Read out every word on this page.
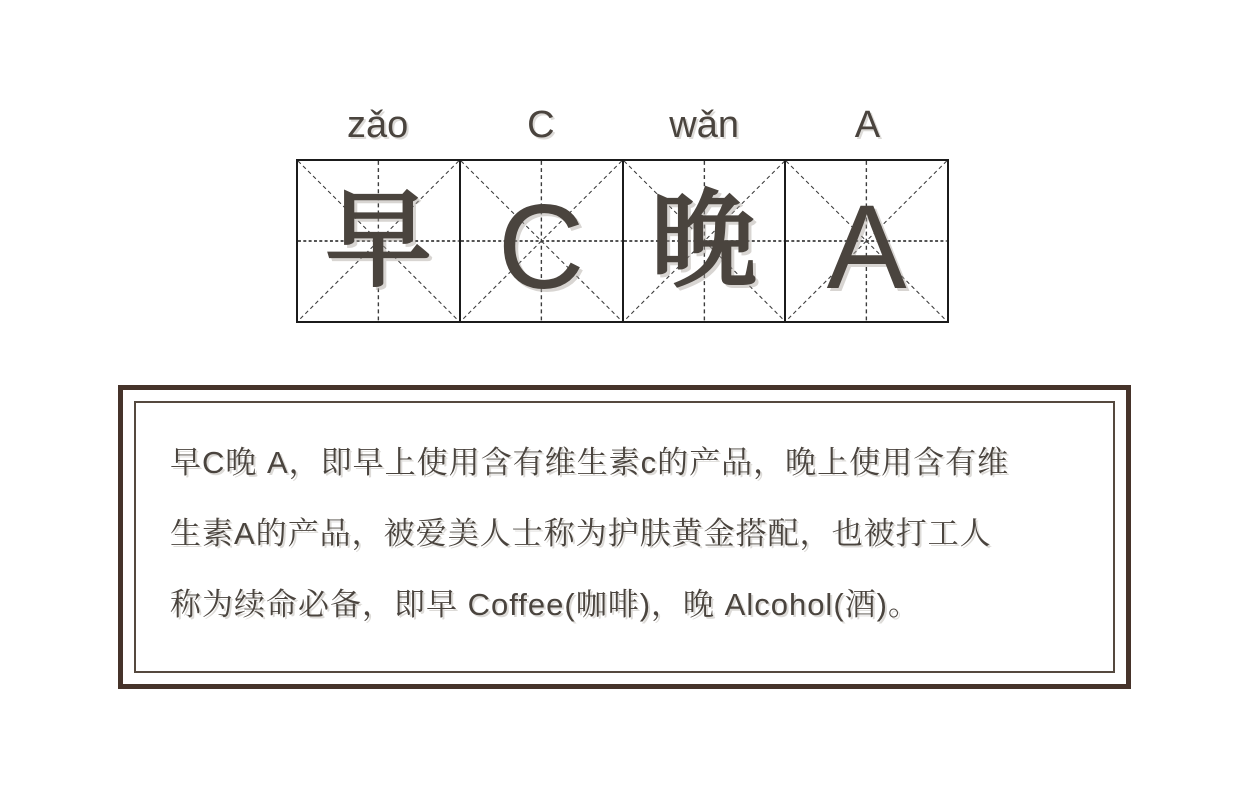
zǎo	C	wǎn	A
早 C 晚 A

早C晚 A，即早上使用含有维生素c的产品，晚上使用含有维

生素A的产品，被爱美人士称为护肤黄金搭配，也被打工人

称为续命必备，即早 Coffee(咖啡)，晚 Alcohol(酒)。
